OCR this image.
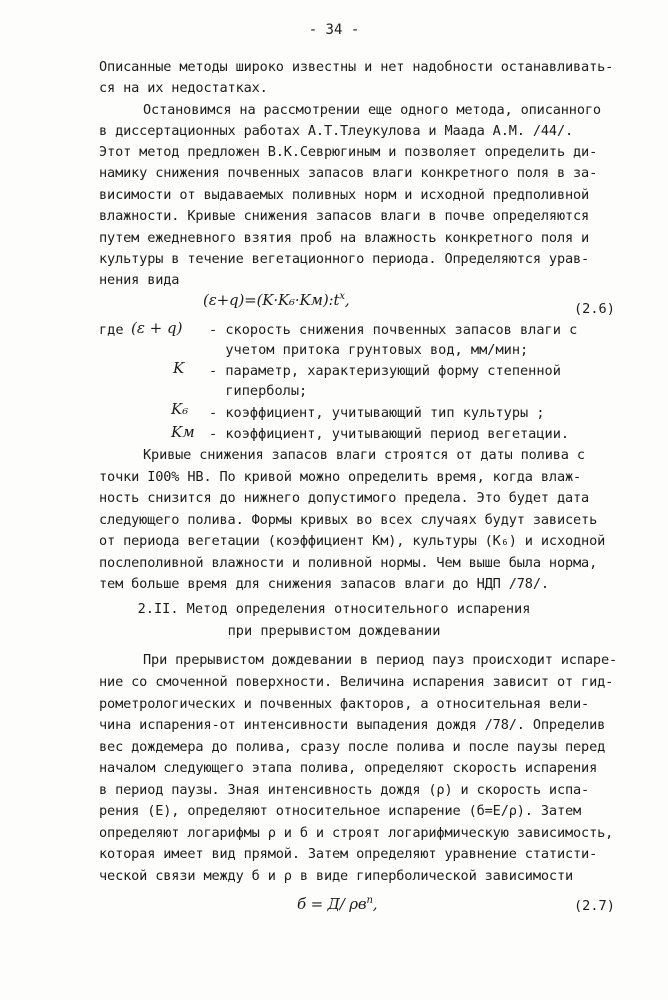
- 34 -
Описанные методы широко известны и нет надобности останавливать-
ся на их недостатках.
Остановимся на рассмотрении еще одного метода, описанного
в диссертационных работах А.Т.Тлеукулова и Маада А.М. /44/.
Этот метод предложен В.К.Севрюгиным и позволяет определить ди-
намику снижения почвенных запасов влаги конкретного поля в за-
висимости от выдаваемых поливных норм и исходной предполивной
влажности. Кривые снижения запасов влаги в почве определяются
путем ежедневного взятия проб на влажность конкретного поля и
культуры в течение вегетационного периода. Определяются урав-
нения вида
$(\varepsilon+q)=(K\cdot K_6\cdot Kм):t^x$,	(2.6)
где (ε + q) - скорость снижения почвенных запасов влаги с
учетом притока грунтовых вод, мм/мин;
K - параметр, характеризующий форму степенной
гиперболы;
K₆ - коэффициент, учитывающий тип культуры ;
Kм - коэффициент, учитывающий период вегетации.
Кривые снижения запасов влаги строятся от даты полива с
точки I00% НВ. По кривой можно определить время, когда влаж-
ность снизится до нижнего допустимого предела. Это будет дата
следующего полива. Формы кривых во всех случаях будут зависеть
от периода вегетации (коэффициент Kм), культуры (K₆) и исходной
послеполивной влажности и поливной нормы. Чем выше была норма,
тем больше время для снижения запасов влаги до НДП /78/.
2.II. Метод определения относительного испарения
при прерывистом дождевании
При прерывистом дождевании в период пауз происходит испаре-
ние со смоченной поверхности. Величина испарения зависит от гид-
рометрологических и почвенных факторов, а относительная вели-
чина испарения-от интенсивности выпадения дождя /78/. Определив
вес дождемера до полива, сразу после полива и после паузы перед
началом следующего этапа полива, определяют скорость испарения
в период паузы. Зная интенсивность дождя (ρ) и скорость испа-
рения (E), определяют относительное испарение (б=E/ρ). Затем
определяют логарифмы ρ и б и строят логарифмическую зависимость,
которая имеет вид прямой. Затем определяют уравнение статисти-
ческой связи между б и ρ в виде гиперболической зависимости
б = Д/ $\rho в^n$,	(2.7)
